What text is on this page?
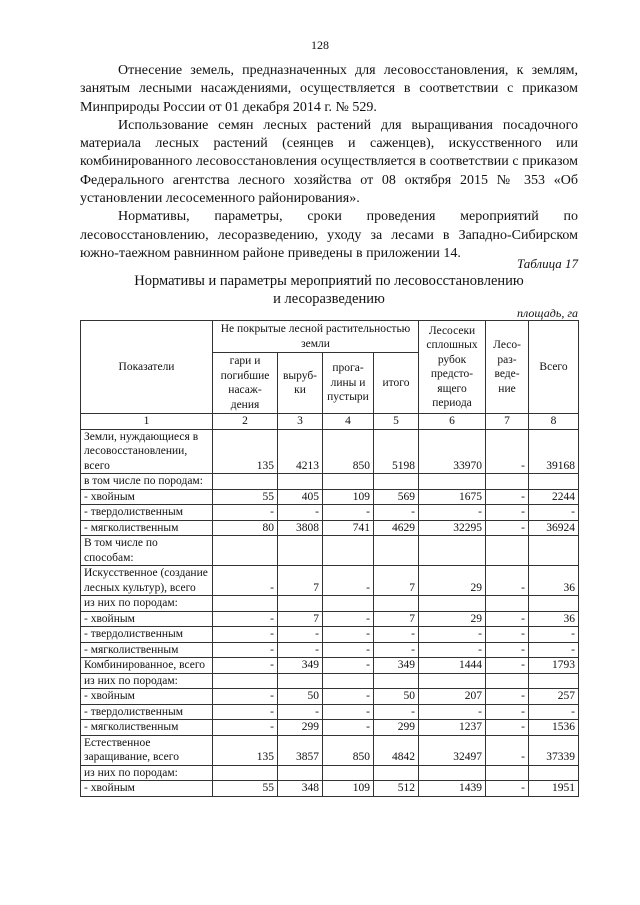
128

Отнесение земель, предназначенных для лесовосстановления, к землям, занятым лесными насаждениями, осуществляется в соответствии с приказом Минприроды России от 01 декабря 2014 г. № 529.

Использование семян лесных растений для выращивания посадочного материала лесных растений (сеянцев и саженцев), искусственного или комбинированного лесовосстановления осуществляется в соответствии с приказом Федерального агентства лесного хозяйства от 08 октября 2015 № 353 «Об установлении лесосеменного районирования».

Нормативы, параметры, сроки проведения мероприятий по лесовосстановлению, лесоразведению, уходу за лесами в Западно-Сибирском южно-таежном равнинном районе приведены в приложении 14.

Таблица 17
Нормативы и параметры мероприятий по лесовосстановлению
и лесоразведению
площадь, га
Показатели	Не покрытые лесной растительностью земли				Лесосеки сплошных рубок предсто-ящего периода	Лесо-раз-веде-ние	Всего
	гари и погибшие насаж-дения	выруб-ки	прога-лины и пустыри	итого			
1	2	3	4	5	6	7	8
Земли, нуждающиеся в лесовосстановлении, всего	135	4213	850	5198	33970	-	39168
в том числе по породам:							
- хвойным	55	405	109	569	1675	-	2244
- твердолиственным	-	-	-	-	-	-	-
- мягколиственным	80	3808	741	4629	32295	-	36924
В том числе по способам:							
Искусственное (создание лесных культур), всего	-	7	-	7	29	-	36
из них по породам:							
- хвойным	-	7	-	7	29	-	36
- твердолиственным	-	-	-	-	-	-	-
- мягколиственным	-	-	-	-	-	-	-
Комбинированное, всего	-	349	-	349	1444	-	1793
из них по породам:							
- хвойным	-	50	-	50	207	-	257
- твердолиственным	-	-	-	-	-	-	-
- мягколиственным	-	299	-	299	1237	-	1536
Естественное заращивание, всего	135	3857	850	4842	32497	-	37339
из них по породам:							
- хвойным	55	348	109	512	1439	-	1951
